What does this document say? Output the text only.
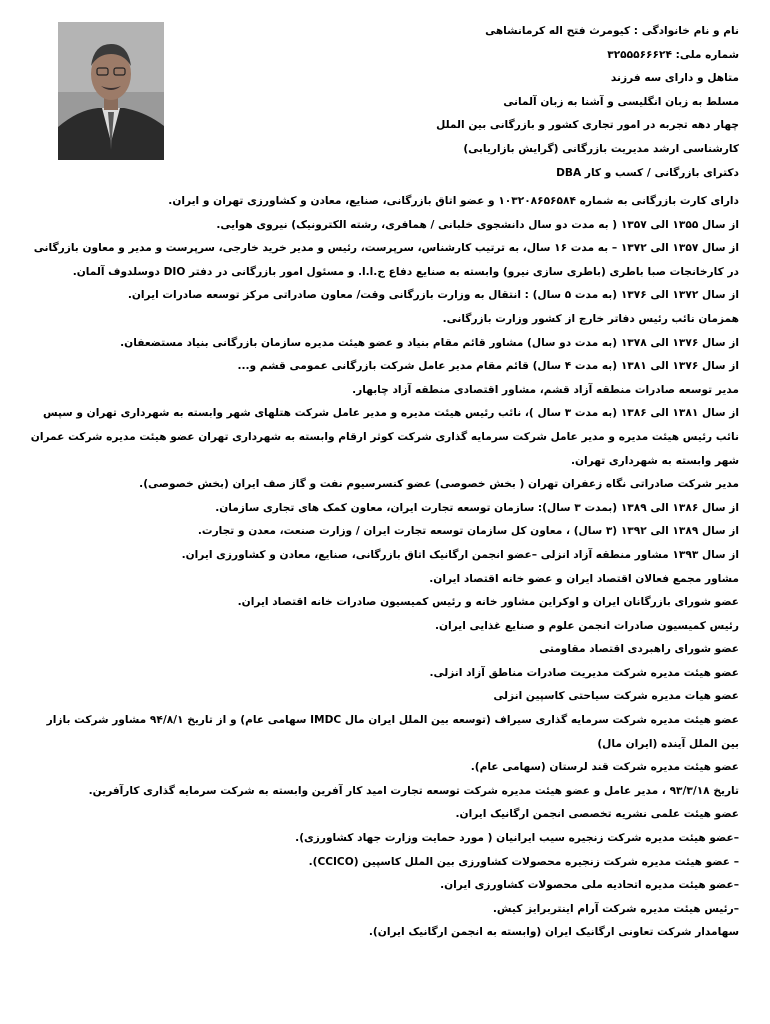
نام و نام خانوادگی : کیومرث فتح اله کرمانشاهی
شماره ملی: ۳۲۵۵۵۶۶۶۲۴
متاهل و دارای سه فرزند
مسلط به زبان انگلیسی و آشنا به زبان آلمانی
چهار دهه تجربه در امور تجاری کشور و بازرگانی بین الملل
کارشناسی ارشد مدیریت بازرگانی (گرایش بازاریابی)
دکترای بازرگانی / کسب و کار DBA
دارای کارت بازرگانی به شماره ۱۰۳۲۰۸۶۵۶۵۸۴ و عضو اتاق بازرگانی، صنایع، معادن و کشاورزی تهران و ایران.
از سال ۱۳۵۵ الی ۱۳۵۷ ( به مدت دو سال دانشجوی خلبانی / همافری، رشته الکترونیک) نیروی هوایی.
از سال ۱۳۵۷ الی ۱۳۷۲ – به مدت ۱۶ سال، به ترتیب کارشناس، سرپرست، رئیس و مدیر خرید خارجی، سرپرست و مدیر و معاون بازرگانی در کارخانجات صبا باطری (باطری سازی نیرو) وابسته به صنایع دفاع ج.ا.ا. و مسئول امور بازرگانی در دفتر DIO دوسلدوف آلمان.
از سال ۱۳۷۲ الی ۱۳۷۶ (به مدت ۵ سال) : انتقال به وزارت بازرگانی وقت/ معاون صادراتی مرکز توسعه صادرات ایران.
همزمان نائب رئیس دفاتر خارج از کشور وزارت بازرگانی.
از سال ۱۳۷۶ الی ۱۳۷۸ (به مدت دو سال) مشاور قائم مقام بنیاد و عضو هیئت مدیره سازمان بازرگانی بنیاد مستضعفان.
از سال ۱۳۷۶ الی ۱۳۸۱ (به مدت ۴ سال) قائم مقام مدیر عامل شرکت بازرگانی عمومی قشم و...
مدیر توسعه صادرات منطقه آزاد قشم، مشاور اقتصادی منطقه آزاد چابهار.
از سال ۱۳۸۱ الی ۱۳۸۶ (به مدت ۳ سال )، نائب رئیس هیئت مدیره و مدیر عامل شرکت هتلهای شهر وابسته به شهرداری تهران و سپس نائب رئیس هیئت مدیره و مدیر عامل شرکت سرمایه گذاری شرکت کوثر ارقام وابسته به شهرداری تهران عضو هیئت مدیره شرکت عمران شهر وابسته به شهرداری تهران.
مدیر شرکت صادراتی نگاه زعفران تهران ( بخش خصوصی) عضو کنسرسیوم نفت و گاز صف ایران (بخش خصوصی).
از سال ۱۳۸۶ الی ۱۳۸۹ (بمدت ۳ سال): سازمان توسعه تجارت ایران، معاون کمک های تجاری سازمان.
از سال ۱۳۸۹ الی ۱۳۹۲ (۳ سال) ، معاون کل سازمان توسعه تجارت ایران / وزارت صنعت، معدن و تجارت.
از سال ۱۳۹۳ مشاور منطقه آزاد انزلی –عضو انجمن ارگانیک اتاق بازرگانی، صنایع، معادن و کشاورزی ایران.
مشاور مجمع فعالان اقتصاد ایران و عضو خانه اقتصاد ایران.
عضو شورای بازرگانان ایران و اوکراین مشاور خانه و رئیس کمیسیون صادرات خانه اقتصاد ایران.
رئیس کمیسیون صادرات انجمن علوم و صنایع غذایی ایران.
عضو شورای راهبردی اقتصاد مقاومتی
عضو هیئت مدیره شرکت مدیریت صادرات مناطق آزاد انزلی.
عضو هیات مدیره شرکت سیاحتی کاسپین انزلی
عضو هیئت مدیره شرکت سرمایه گذاری سیراف (توسعه بین الملل ایران مال IMDC سهامی عام) و از تاریخ ۹۴/۸/۱ مشاور شرکت بازار بین الملل آینده (ایران مال)
عضو هیئت مدیره شرکت قند لرستان (سهامی عام).
تاریخ ۹۳/۳/۱۸ ، مدیر عامل و عضو هیئت مدیره شرکت توسعه تجارت امید کار آفرین وابسته به شرکت سرمایه گذاری کارآفرین.
عضو هیئت علمی نشریه تخصصی انجمن ارگانیک ایران.
–عضو هیئت مدیره شرکت زنجیره سیب ایرانیان ( مورد حمایت وزارت جهاد کشاورزی).
– عضو هیئت مدیره شرکت زنجیره محصولات کشاورزی بین الملل کاسپین (CCICO).
–عضو هیئت مدیره اتحادیه ملی محصولات کشاورزی ایران.
–رئیس هیئت مدیره شرکت آرام اینتربرایز کیش.
سهامدار شرکت تعاونی ارگانیک ایران (وابسته به انجمن ارگانیک ایران).
